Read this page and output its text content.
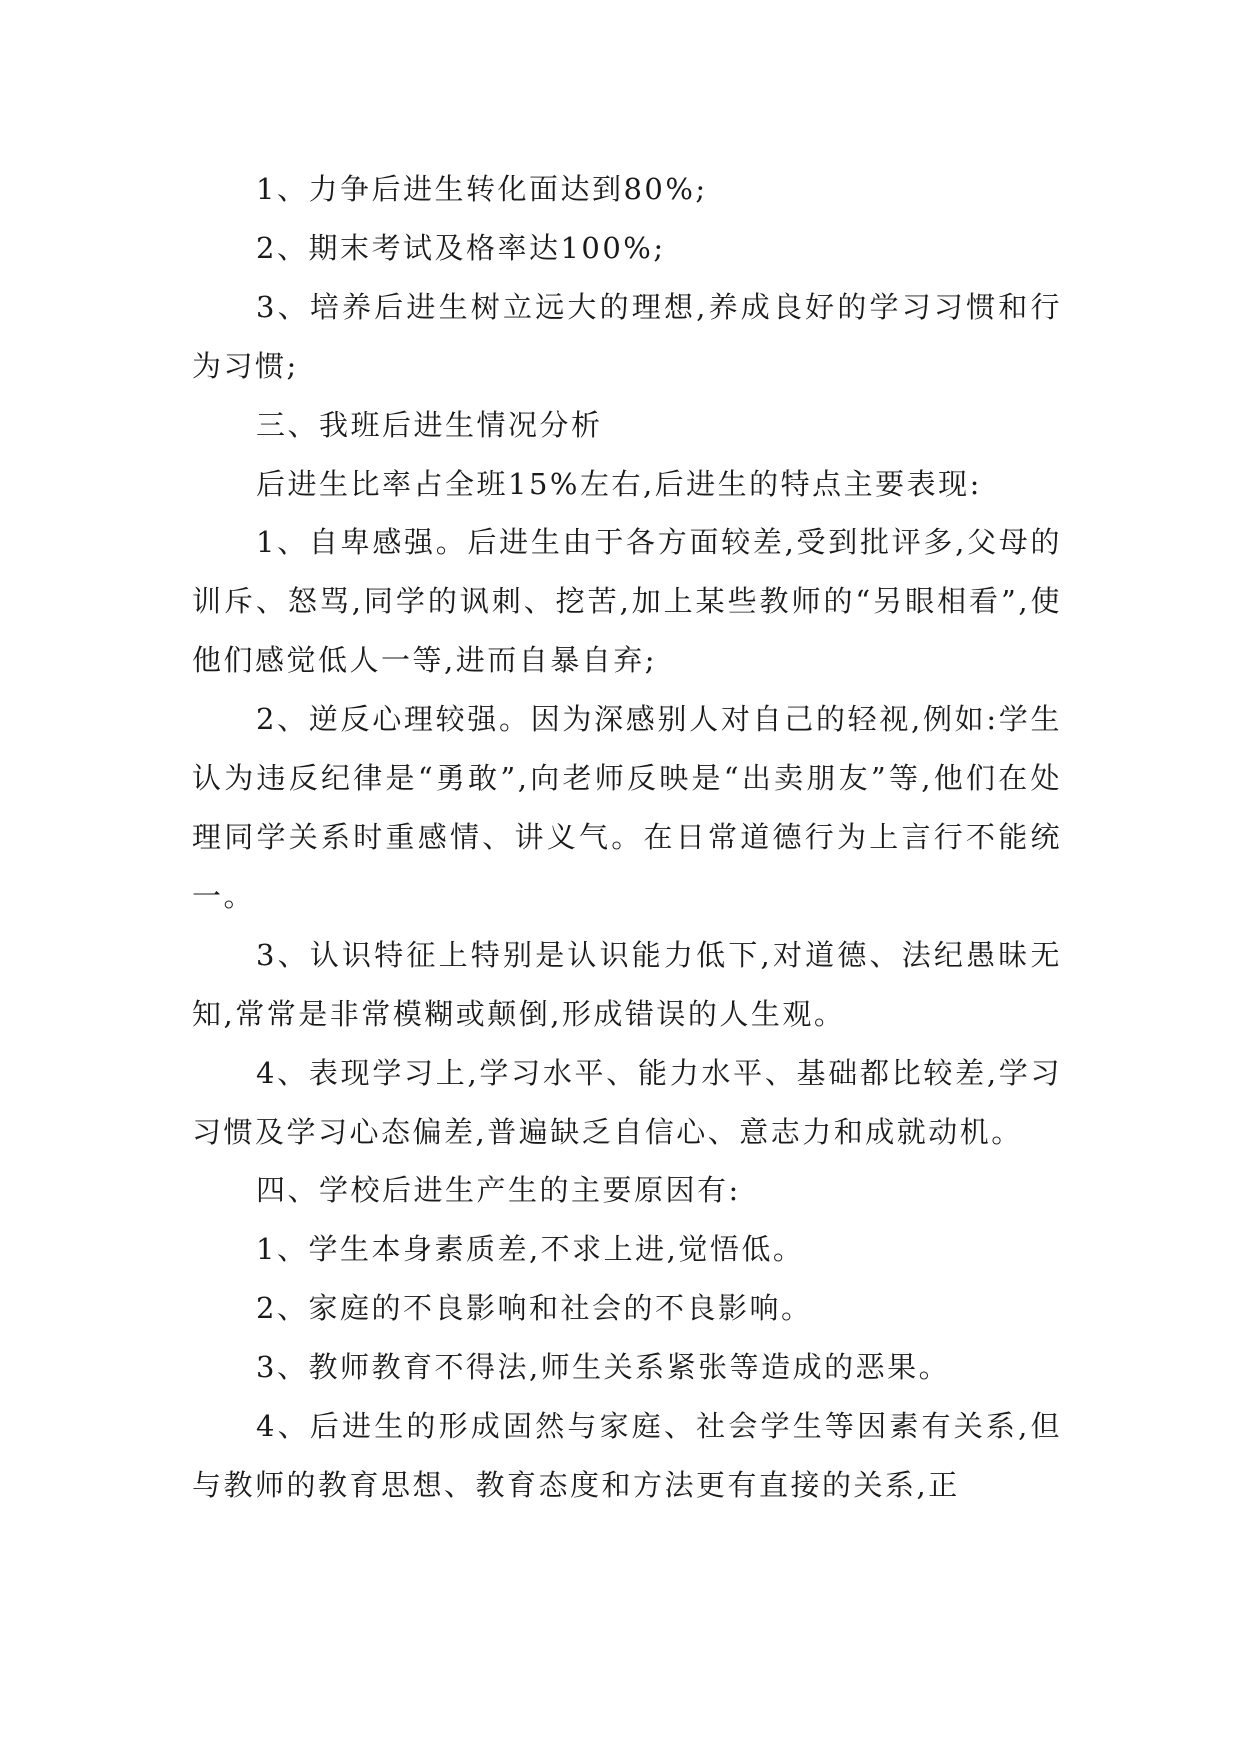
1、力争后进生转化面达到80%;

2、期末考试及格率达100%;

3、培养后进生树立远大的理想,养成良好的学习习惯和行为习惯;

三、我班后进生情况分析

后进生比率占全班15%左右,后进生的特点主要表现:

1、自卑感强。后进生由于各方面较差,受到批评多,父母的训斥、怒骂,同学的讽刺、挖苦,加上某些教师的“另眼相看”,使他们感觉低人一等,进而自暴自弃;

2、逆反心理较强。因为深感别人对自己的轻视,例如:学生认为违反纪律是“勇敢”,向老师反映是“出卖朋友”等,他们在处理同学关系时重感情、讲义气。在日常道德行为上言行不能统一。

3、认识特征上特别是认识能力低下,对道德、法纪愚昧无知,常常是非常模糊或颠倒,形成错误的人生观。

4、表现学习上,学习水平、能力水平、基础都比较差,学习习惯及学习心态偏差,普遍缺乏自信心、意志力和成就动机。

四、学校后进生产生的主要原因有:

1、学生本身素质差,不求上进,觉悟低。

2、家庭的不良影响和社会的不良影响。

3、教师教育不得法,师生关系紧张等造成的恶果。

4、后进生的形成固然与家庭、社会学生等因素有关系,但与教师的教育思想、教育态度和方法更有直接的关系,正
